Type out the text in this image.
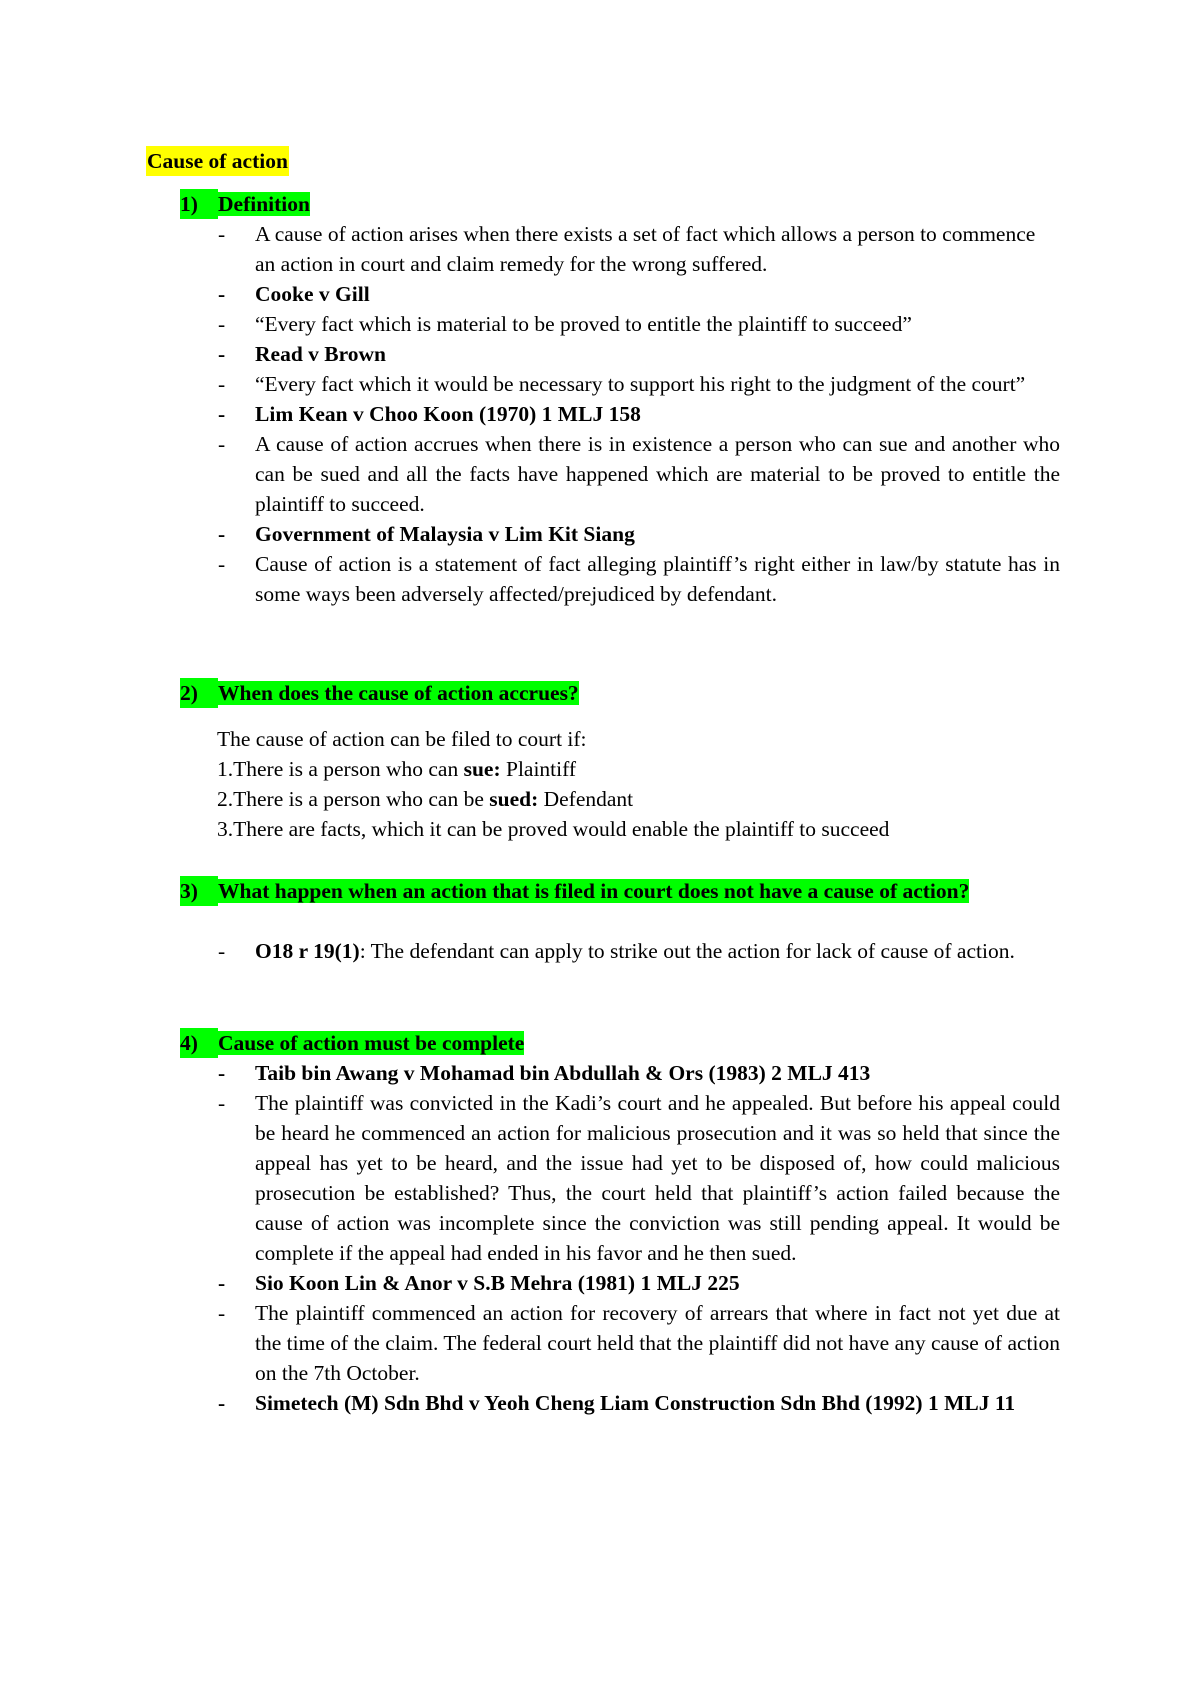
Cause of action
1) Definition
- A cause of action arises when there exists a set of fact which allows a person to commence an action in court and claim remedy for the wrong suffered.
- Cooke v Gill
- “Every fact which is material to be proved to entitle the plaintiff to succeed”
- Read v Brown
- “Every fact which it would be necessary to support his right to the judgment of the court”
- Lim Kean v Choo Koon (1970) 1 MLJ 158
- A cause of action accrues when there is in existence a person who can sue and another who can be sued and all the facts have happened which are material to be proved to entitle the plaintiff to succeed.
- Government of Malaysia v Lim Kit Siang
- Cause of action is a statement of fact alleging plaintiff’s right either in law/by statute has in some ways been adversely affected/prejudiced by defendant.
2) When does the cause of action accrues?

The cause of action can be filed to court if:

1.There is a person who can sue: Plaintiff

2.There is a person who can be sued: Defendant

3.There are facts, which it can be proved would enable the plaintiff to succeed

3) What happen when an action that is filed in court does not have a cause of action?
- O18 r 19(1): The defendant can apply to strike out the action for lack of cause of action.
4) Cause of action must be complete
- Taib bin Awang v Mohamad bin Abdullah & Ors (1983) 2 MLJ 413
- The plaintiff was convicted in the Kadi’s court and he appealed. But before his appeal could be heard he commenced an action for malicious prosecution and it was so held that since the appeal has yet to be heard, and the issue had yet to be disposed of, how could malicious prosecution be established? Thus, the court held that plaintiff’s action failed because the cause of action was incomplete since the conviction was still pending appeal. It would be complete if the appeal had ended in his favor and he then sued.
- Sio Koon Lin & Anor v S.B Mehra (1981) 1 MLJ 225
- The plaintiff commenced an action for recovery of arrears that where in fact not yet due at the time of the claim. The federal court held that the plaintiff did not have any cause of action on the 7th October.
- Simetech (M) Sdn Bhd v Yeoh Cheng Liam Construction Sdn Bhd (1992) 1 MLJ 11
